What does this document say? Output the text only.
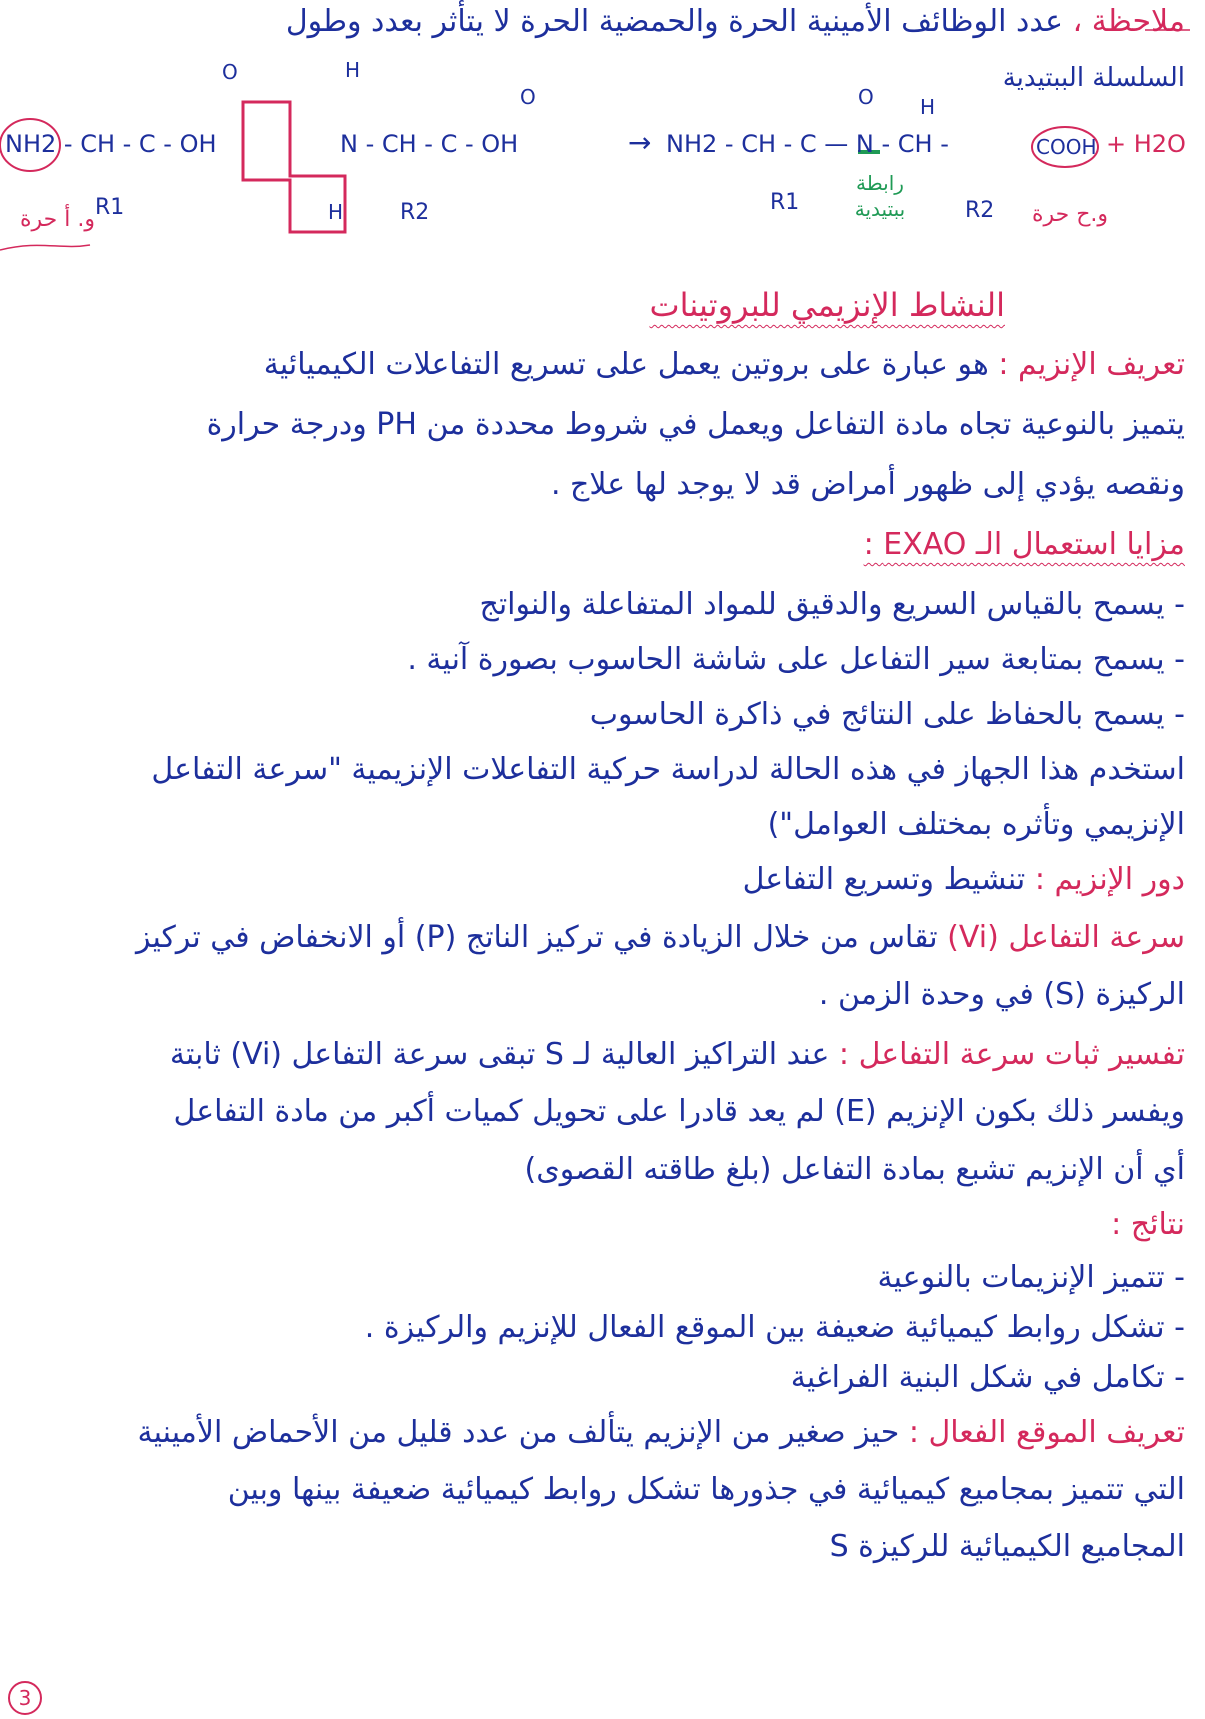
ملاحظة ، عدد الوظائف الأمينية الحرة والحمضية الحرة لا يتأثر بعدد وطول
السلسلة الببتيدية
NH2 - CH - C - OH
O
R1
H
N - CH - C - OH
H	R2
O
→ NH2 - CH - C — N - CH -
O H
R1	R2
COOH + H2O
و. أ حرة	و.ح حرة
رابطة ببتيدية
النشاط الإنزيمي للبروتينات
تعريف الإنزيم : هو عبارة على بروتين يعمل على تسريع التفاعلات الكيميائية
يتميز بالنوعية تجاه مادة التفاعل ويعمل في شروط محددة من PH ودرجة حرارة
ونقصه يؤدي إلى ظهور أمراض قد لا يوجد لها علاج .
مزايا استعمال الـ EXAO :
- يسمح بالقياس السريع والدقيق للمواد المتفاعلة والنواتج
- يسمح بمتابعة سير التفاعل على شاشة الحاسوب بصورة آنية .
- يسمح بالحفاظ على النتائج في ذاكرة الحاسوب
استخدم هذا الجهاز في هذه الحالة لدراسة حركية التفاعلات الإنزيمية "سرعة التفاعل
الإنزيمي وتأثره بمختلف العوامل")
دور الإنزيم : تنشيط وتسريع التفاعل
سرعة التفاعل (Vi) تقاس من خلال الزيادة في تركيز الناتج (P) أو الانخفاض في تركيز
الركيزة (S) في وحدة الزمن .
تفسير ثبات سرعة التفاعل : عند التراكيز العالية لـ S تبقى سرعة التفاعل (Vi) ثابتة
ويفسر ذلك بكون الإنزيم (E) لم يعد قادرا على تحويل كميات أكبر من مادة التفاعل
أي أن الإنزيم تشبع بمادة التفاعل (بلغ طاقته القصوى)
نتائج :
- تتميز الإنزيمات بالنوعية
- تشكل روابط كيميائية ضعيفة بين الموقع الفعال للإنزيم والركيزة .
- تكامل في شكل البنية الفراغية
تعريف الموقع الفعال : حيز صغير من الإنزيم يتألف من عدد قليل من الأحماض الأمينية
التي تتميز بمجاميع كيميائية في جذورها تشكل روابط كيميائية ضعيفة بينها وبين
المجاميع الكيميائية للركيزة S
3
